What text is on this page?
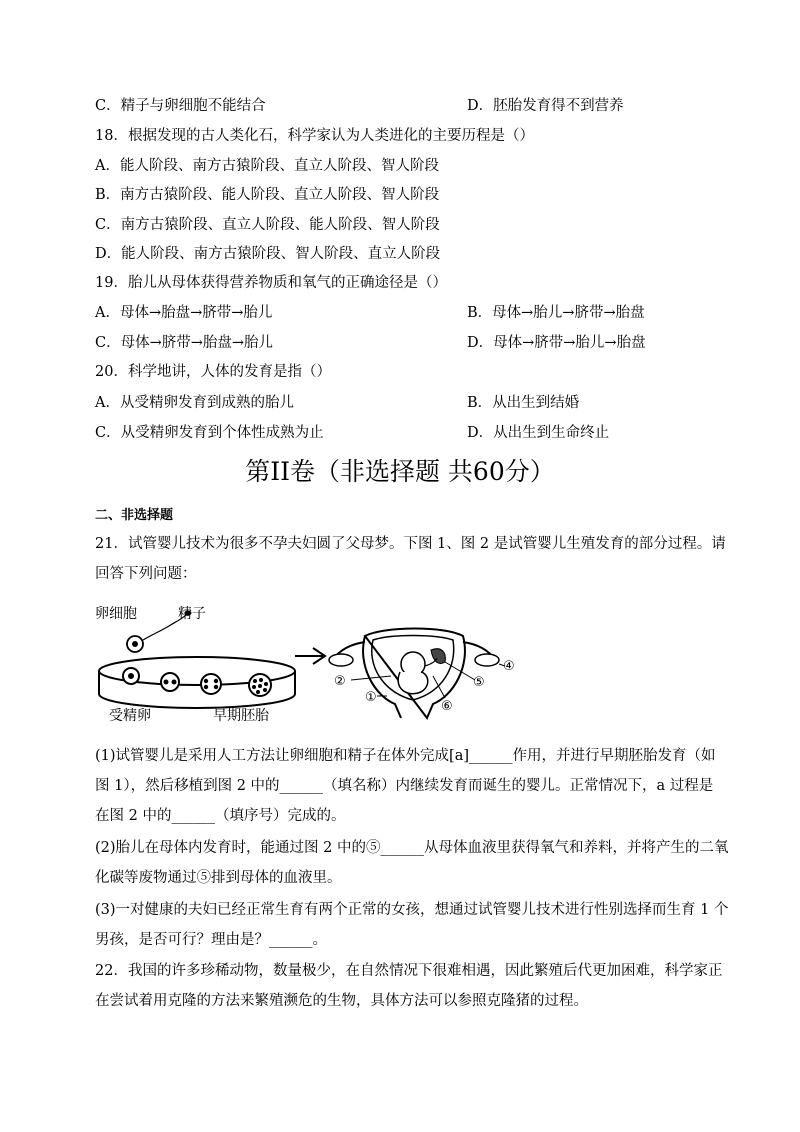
C．精子与卵细胞不能结合	D．胚胎发育得不到营养
18．根据发现的古人类化石，科学家认为人类进化的主要历程是（）
A．能人阶段、南方古猿阶段、直立人阶段、智人阶段
B．南方古猿阶段、能人阶段、直立人阶段、智人阶段
C．南方古猿阶段、直立人阶段、能人阶段、智人阶段
D．能人阶段、南方古猿阶段、智人阶段、直立人阶段
19．胎儿从母体获得营养物质和氧气的正确途径是（）
A．母体→胎盘→脐带→胎儿	B．母体→胎儿→脐带→胎盘
C．母体→脐带→胎盘→胎儿	D．母体→脐带→胎儿→胎盘
20．科学地讲，人体的发育是指（）
A．从受精卵发育到成熟的胎儿	B．从出生到结婚
C．从受精卵发育到个体性成熟为止	D．从出生到生命终止
第II卷（非选择题 共60分）
二、非选择题
21．试管婴儿技术为很多不孕夫妇圆了父母梦。下图 1、图 2 是试管婴儿生殖发育的部分过程。请
回答下列问题：
卵细胞	精子
受精卵	早期胚胎
①
②
④
⑤
⑥
(1)试管婴儿是采用人工方法让卵细胞和精子在体外完成[a]______作用，并进行早期胚胎发育（如
图 1），然后移植到图 2 中的______（填名称）内继续发育而诞生的婴儿。正常情况下，a 过程是
在图 2 中的______（填序号）完成的。
(2)胎儿在母体内发育时，能通过图 2 中的⑤______从母体血液里获得氧气和养料，并将产生的二氧
化碳等废物通过⑤排到母体的血液里。
(3)一对健康的夫妇已经正常生育有两个正常的女孩，想通过试管婴儿技术进行性别选择而生育 1 个
男孩，是否可行？理由是？______。
22．我国的许多珍稀动物，数量极少，在自然情况下很难相遇，因此繁殖后代更加困难，科学家正
在尝试着用克隆的方法来繁殖濒危的生物，具体方法可以参照克隆猪的过程。
